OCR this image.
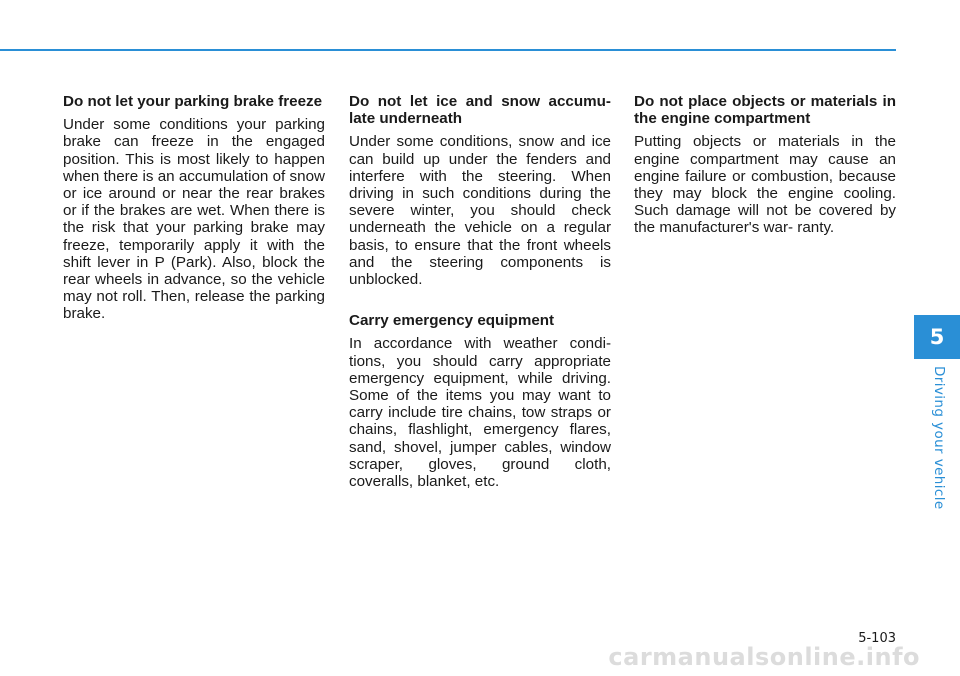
Do not let your parking brake freeze

Under some conditions your parking brake can freeze in the engaged position. This is most likely to happen when there is an accumulation of snow or ice around or near the rear brakes or if the brakes are wet. When there is the risk that your parking brake may freeze, temporarily apply it with the shift lever in P (Park). Also, block the rear wheels in advance, so the vehicle may not roll. Then, release the parking brake.

Do not let ice and snow accumu- late underneath

Under some conditions, snow and ice can build up under the fenders and interfere with the steering. When driving in such conditions during the severe winter, you should check underneath the vehicle on a regular basis, to ensure that the front wheels and the steering components is unblocked.

Carry emergency equipment

In accordance with weather condi- tions, you should carry appropriate emergency equipment, while driving. Some of the items you may want to carry include tire chains, tow straps or chains, flashlight, emergency flares, sand, shovel, jumper cables, window scraper, gloves, ground cloth, coveralls, blanket, etc.

Do not place objects or materials in the engine compartment

Putting objects or materials in the engine compartment may cause an engine failure or combustion, because they may block the engine cooling. Such damage will not be covered by the manufacturer's war- ranty.

5
Driving your vehicle
5-103
carmanualsonline.info
